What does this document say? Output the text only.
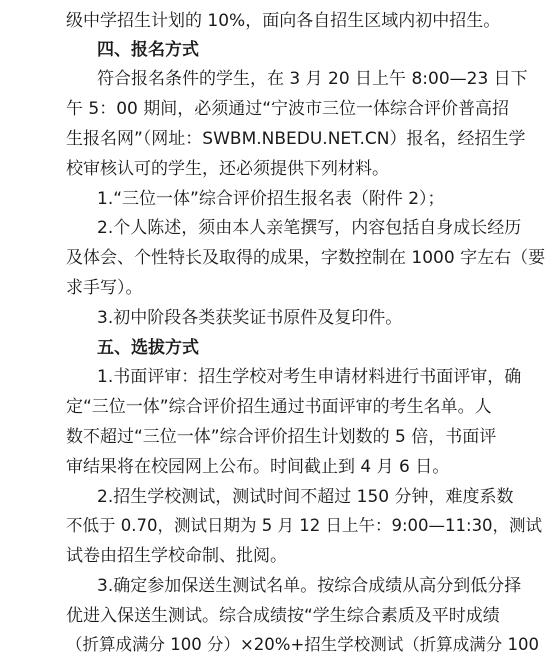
级中学招生计划的 10%，面向各自招生区域内初中招生。
四、报名方式
符合报名条件的学生，在 3 月 20 日上午 8:00—23 日下
午 5：00 期间，必须通过“宁波市三位一体综合评价普高招
生报名网”（网址：SWBM.NBEDU.NET.CN）报名，经招生学
校审核认可的学生，还必须提供下列材料。
1.“三位一体”综合评价招生报名表（附件 2）；
2.个人陈述，须由本人亲笔撰写，内容包括自身成长经历
及体会、个性特长及取得的成果，字数控制在 1000 字左右（要
求手写）。
3.初中阶段各类获奖证书原件及复印件。
五、选拔方式
1.书面评审：招生学校对考生申请材料进行书面评审，确
定“三位一体”综合评价招生通过书面评审的考生名单。人
数不超过“三位一体”综合评价招生计划数的 5 倍，书面评
审结果将在校园网上公布。时间截止到 4 月 6 日。
2.招生学校测试，测试时间不超过 150 分钟，难度系数
不低于 0.70，测试日期为 5 月 12 日上午：9:00—11:30，测试
试卷由招生学校命制、批阅。
3.确定参加保送生测试名单。按综合成绩从高分到低分择
优进入保送生测试。综合成绩按“学生综合素质及平时成绩
（折算成满分 100 分）×20%+招生学校测试（折算成满分 100
